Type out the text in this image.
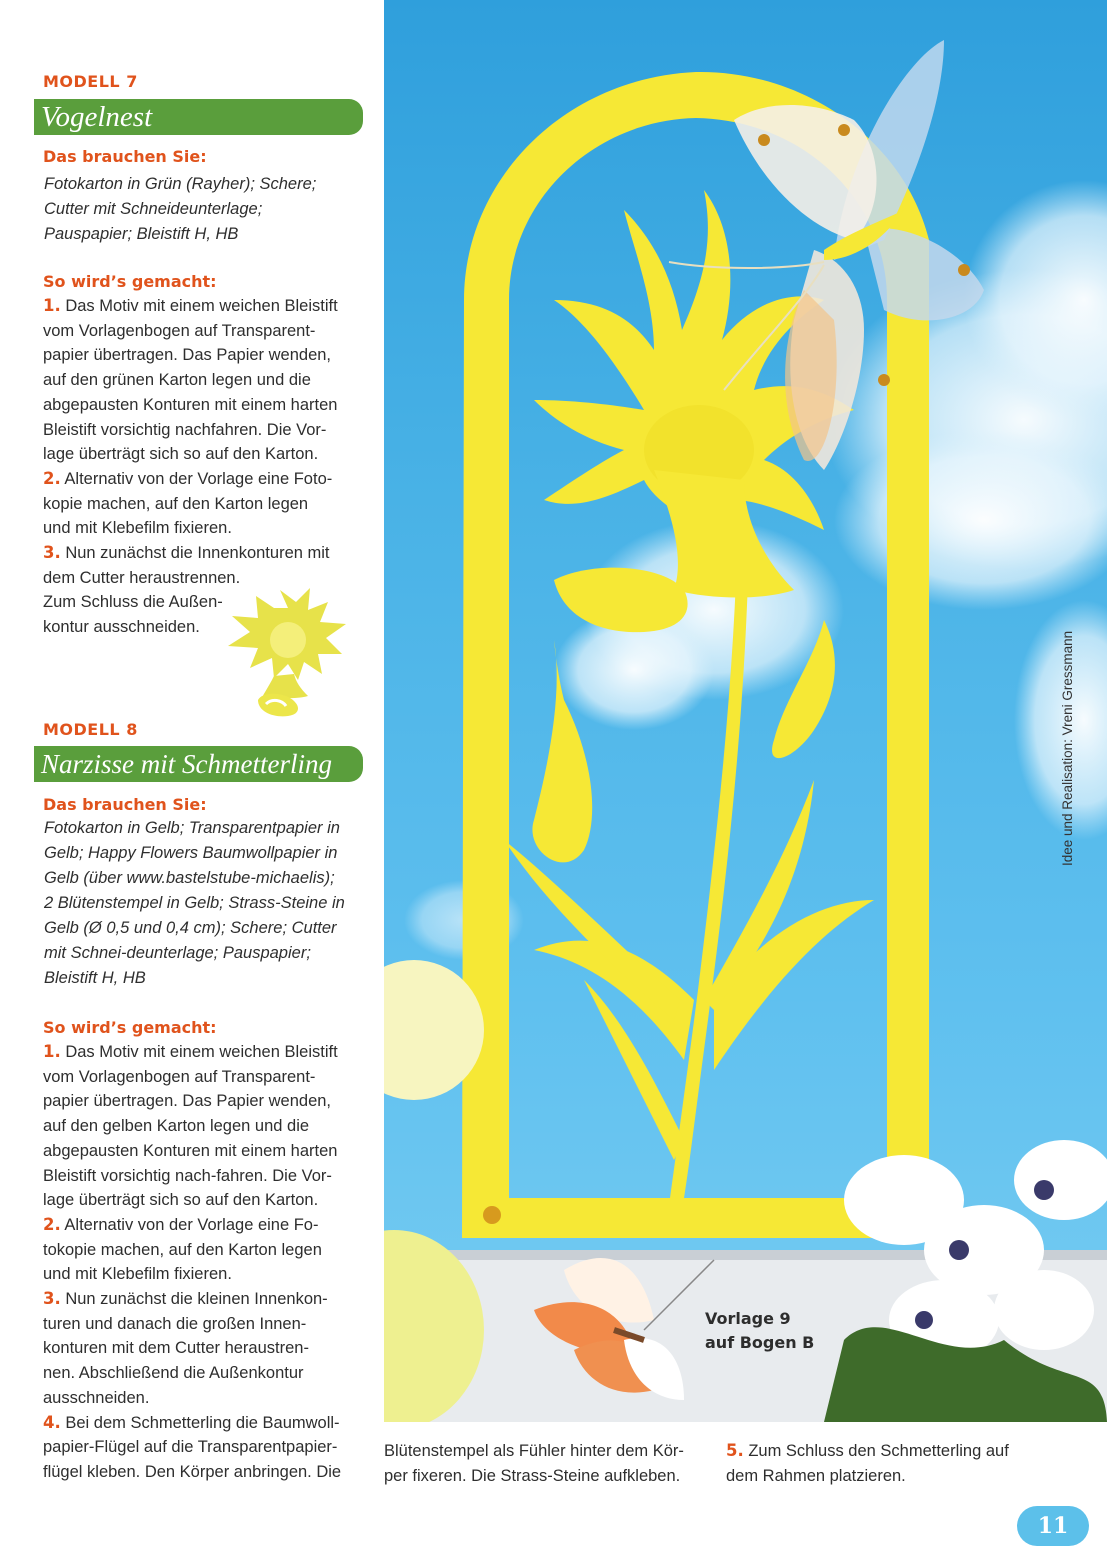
MODELL 7
Vogelnest
Das brauchen Sie:
Fotokarton in Grün (Rayher); Schere;
Cutter mit Schneideunterlage;
Pauspapier; Bleistift H, HB
So wird’s gemacht:
1. Das Motiv mit einem weichen Bleistift
vom Vorlagenbogen auf Transparent-
papier übertragen. Das Papier wenden,
auf den grünen Karton legen und die
abgepausten Konturen mit einem harten
Bleistift vorsichtig nachfahren. Die Vor-
lage überträgt sich so auf den Karton.
2. Alternativ von der Vorlage eine Foto-
kopie machen, auf den Karton legen
und mit Klebefilm fixieren.
3. Nun zunächst die Innenkonturen mit
dem Cutter heraustrennen.
Zum Schluss die Außen-
kontur ausschneiden.
MODELL 8
Narzisse mit Schmetterling
Das brauchen Sie:
Fotokarton in Gelb; Transparentpapier in
Gelb; Happy Flowers Baumwollpapier in
Gelb (über www.bastelstube-michaelis);
2 Blütenstempel in Gelb; Strass-Steine in
Gelb (Ø 0,5 und 0,4 cm); Schere; Cutter
mit Schnei-deunterlage; Pauspapier;
Bleistift H, HB
So wird’s gemacht:
1. Das Motiv mit einem weichen Bleistift
vom Vorlagenbogen auf Transparent-
papier übertragen. Das Papier wenden,
auf den gelben Karton legen und die
abgepausten Konturen mit einem harten
Bleistift vorsichtig nach-fahren. Die Vor-
lage überträgt sich so auf den Karton.
2. Alternativ von der Vorlage eine Fo-
tokopie machen, auf den Karton legen
und mit Klebefilm fixieren.
3. Nun zunächst die kleinen Innenkon-
turen und danach die großen Innen-
konturen mit dem Cutter heraustren-
nen. Abschließend die Außenkontur
ausschneiden.
4. Bei dem Schmetterling die Baumwoll-
papier-Flügel auf die Transparentpapier-
flügel kleben. Den Körper anbringen. Die
Idee und Realisation: Vreni Gressmann
Vorlage 9
auf Bogen B
Blütenstempel als Fühler hinter dem Kör-
per fixeren. Die Strass-Steine aufkleben.
5. Zum Schluss den Schmetterling auf
dem Rahmen platzieren.
11
